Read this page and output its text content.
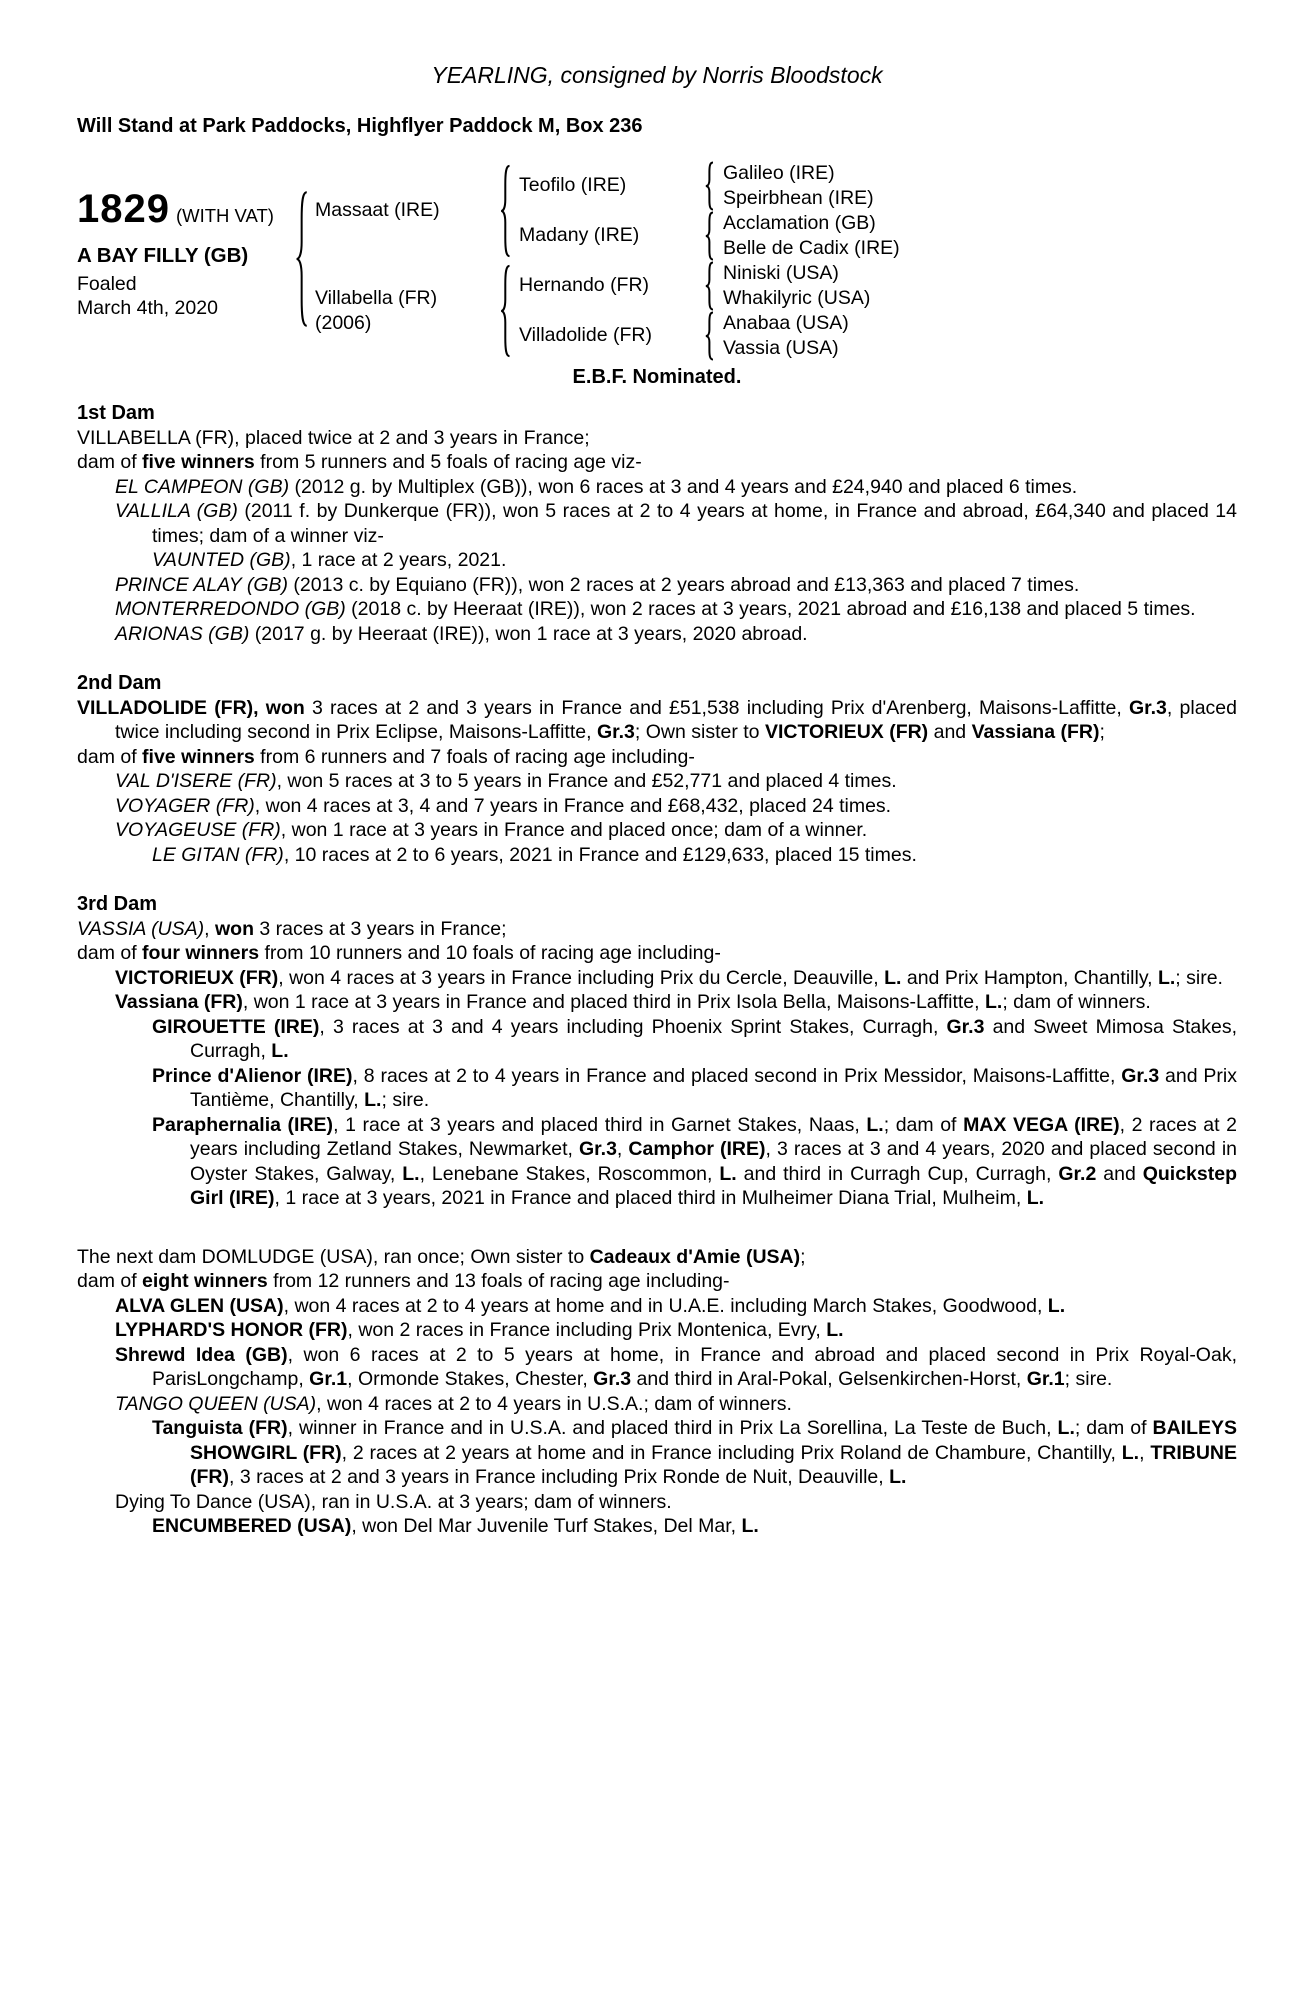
YEARLING, consigned by Norris Bloodstock
Will Stand at Park Paddocks, Highflyer Paddock M, Box 236
1829 (WITH VAT)
A BAY FILLY (GB)
Foaled
March 4th, 2020
Massaat (IRE)
Teofilo (IRE)
Galileo (IRE)
Speirbhean (IRE)
Madany (IRE)
Acclamation (GB)
Belle de Cadix (IRE)
Villabella (FR)
(2006)
Hernando (FR)
Niniski (USA)
Whakilyric (USA)
Villadolide (FR)
Anabaa (USA)
Vassia (USA)
E.B.F. Nominated.
1st Dam
VILLABELLA (FR), placed twice at 2 and 3 years in France;
dam of five winners from 5 runners and 5 foals of racing age viz-
EL CAMPEON (GB) (2012 g. by Multiplex (GB)), won 6 races at 3 and 4 years and £24,940 and placed 6 times.
VALLILA (GB) (2011 f. by Dunkerque (FR)), won 5 races at 2 to 4 years at home, in France and abroad, £64,340 and placed 14 times; dam of a winner viz-
VAUNTED (GB), 1 race at 2 years, 2021.
PRINCE ALAY (GB) (2013 c. by Equiano (FR)), won 2 races at 2 years abroad and £13,363 and placed 7 times.
MONTERREDONDO (GB) (2018 c. by Heeraat (IRE)), won 2 races at 3 years, 2021 abroad and £16,138 and placed 5 times.
ARIONAS (GB) (2017 g. by Heeraat (IRE)), won 1 race at 3 years, 2020 abroad.
2nd Dam
VILLADOLIDE (FR), won 3 races at 2 and 3 years in France and £51,538 including Prix d'Arenberg, Maisons-Laffitte, Gr.3, placed twice including second in Prix Eclipse, Maisons-Laffitte, Gr.3; Own sister to VICTORIEUX (FR) and Vassiana (FR);
dam of five winners from 6 runners and 7 foals of racing age including-
VAL D'ISERE (FR), won 5 races at 3 to 5 years in France and £52,771 and placed 4 times.
VOYAGER (FR), won 4 races at 3, 4 and 7 years in France and £68,432, placed 24 times.
VOYAGEUSE (FR), won 1 race at 3 years in France and placed once; dam of a winner.
LE GITAN (FR), 10 races at 2 to 6 years, 2021 in France and £129,633, placed 15 times.
3rd Dam
VASSIA (USA), won 3 races at 3 years in France;
dam of four winners from 10 runners and 10 foals of racing age including-
VICTORIEUX (FR), won 4 races at 3 years in France including Prix du Cercle, Deauville, L. and Prix Hampton, Chantilly, L.; sire.
Vassiana (FR), won 1 race at 3 years in France and placed third in Prix Isola Bella, Maisons-Laffitte, L.; dam of winners.
GIROUETTE (IRE), 3 races at 3 and 4 years including Phoenix Sprint Stakes, Curragh, Gr.3 and Sweet Mimosa Stakes, Curragh, L.
Prince d'Alienor (IRE), 8 races at 2 to 4 years in France and placed second in Prix Messidor, Maisons-Laffitte, Gr.3 and Prix Tantième, Chantilly, L.; sire.
Paraphernalia (IRE), 1 race at 3 years and placed third in Garnet Stakes, Naas, L.; dam of MAX VEGA (IRE), 2 races at 2 years including Zetland Stakes, Newmarket, Gr.3, Camphor (IRE), 3 races at 3 and 4 years, 2020 and placed second in Oyster Stakes, Galway, L., Lenebane Stakes, Roscommon, L. and third in Curragh Cup, Curragh, Gr.2 and Quickstep Girl (IRE), 1 race at 3 years, 2021 in France and placed third in Mulheimer Diana Trial, Mulheim, L.
The next dam DOMLUDGE (USA), ran once; Own sister to Cadeaux d'Amie (USA);
dam of eight winners from 12 runners and 13 foals of racing age including-
ALVA GLEN (USA), won 4 races at 2 to 4 years at home and in U.A.E. including March Stakes, Goodwood, L.
LYPHARD'S HONOR (FR), won 2 races in France including Prix Montenica, Evry, L.
Shrewd Idea (GB), won 6 races at 2 to 5 years at home, in France and abroad and placed second in Prix Royal-Oak, ParisLongchamp, Gr.1, Ormonde Stakes, Chester, Gr.3 and third in Aral-Pokal, Gelsenkirchen-Horst, Gr.1; sire.
TANGO QUEEN (USA), won 4 races at 2 to 4 years in U.S.A.; dam of winners.
Tanguista (FR), winner in France and in U.S.A. and placed third in Prix La Sorellina, La Teste de Buch, L.; dam of BAILEYS SHOWGIRL (FR), 2 races at 2 years at home and in France including Prix Roland de Chambure, Chantilly, L., TRIBUNE (FR), 3 races at 2 and 3 years in France including Prix Ronde de Nuit, Deauville, L.
Dying To Dance (USA), ran in U.S.A. at 3 years; dam of winners.
ENCUMBERED (USA), won Del Mar Juvenile Turf Stakes, Del Mar, L.
